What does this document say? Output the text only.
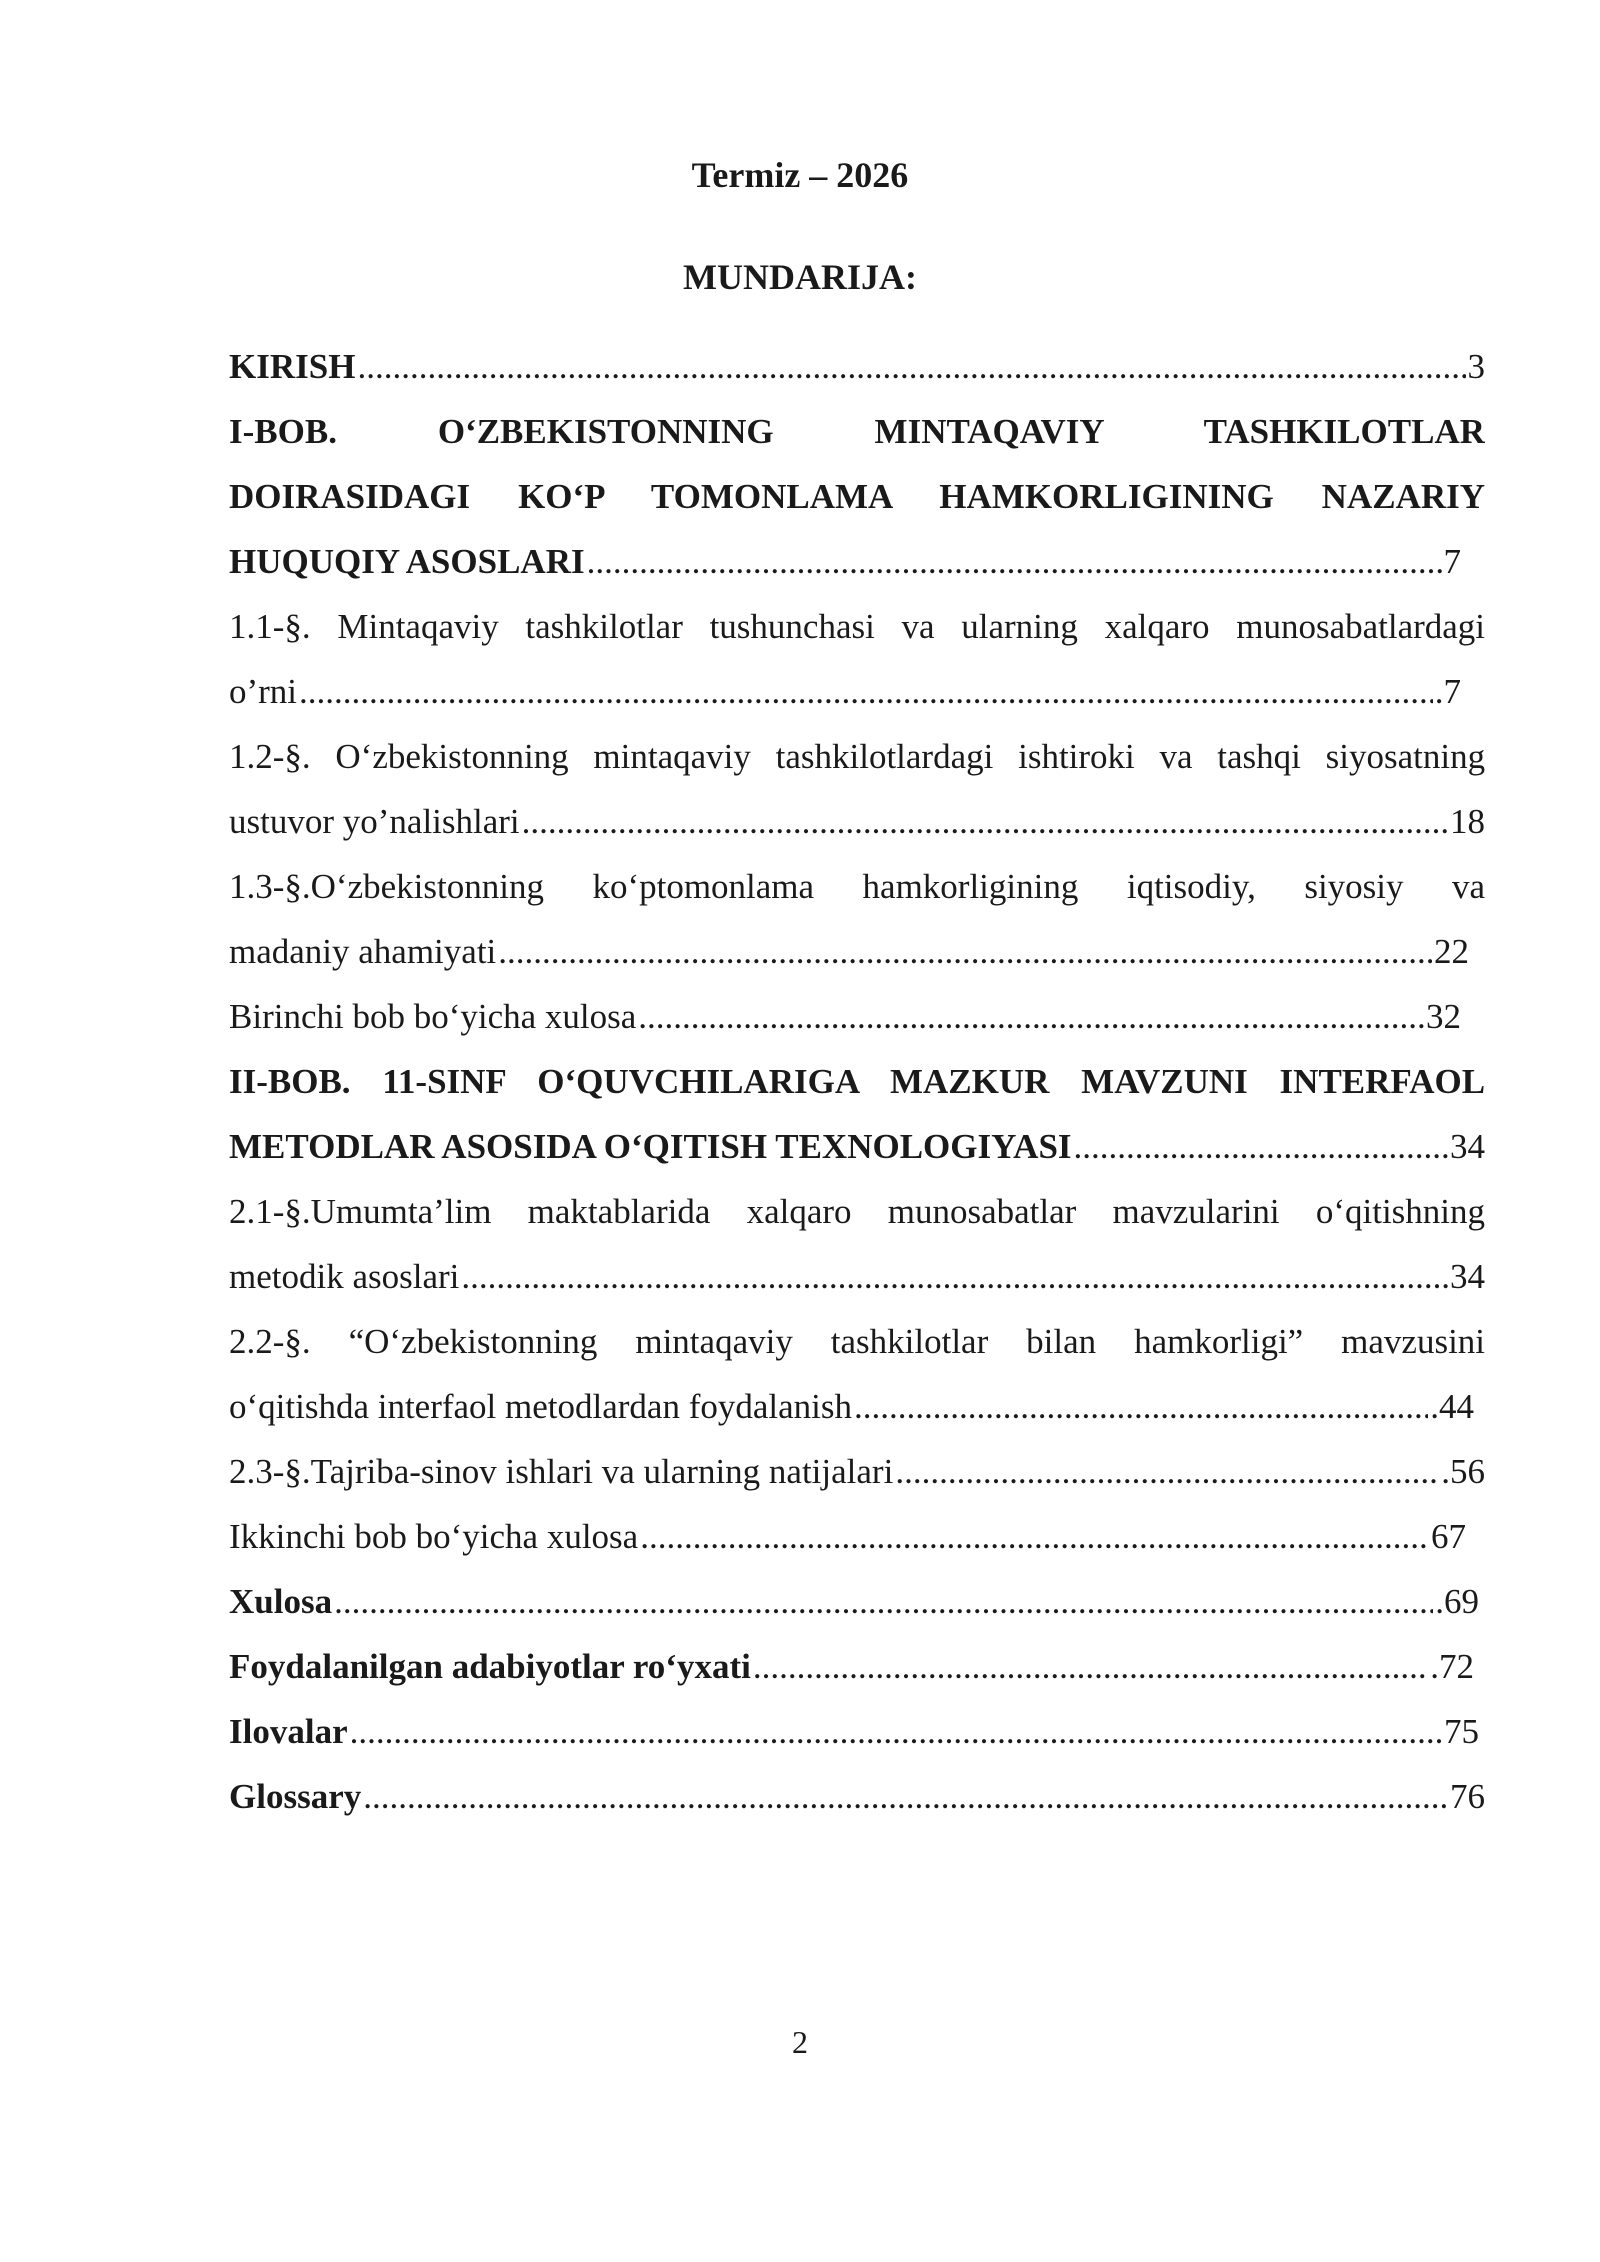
Termiz – 2026
MUNDARIJA:
KIRISH .....	3
I-BOB.	O‘ZBEKISTONNING	MINTAQAVIY	TASHKILOTLAR
DOIRASIDAGI KO‘P TOMONLAMA HAMKORLIGINING NAZARIY
HUQUQIY ASOSLARI .....	7
1.1-§. Mintaqaviy tashkilotlar tushunchasi va ularning xalqaro munosabatlardagi
o’rni .....	.7
1.2-§. O‘zbekistonning mintaqaviy tashkilotlardagi ishtiroki va tashqi siyosatning
ustuvor yo’nalishlari .....	18
1.3-§.O‘zbekistonning ko‘ptomonlama hamkorligining iqtisodiy, siyosiy va
madaniy ahamiyati .....	22
Birinchi bob bo‘yicha xulosa .....	32
II-BOB. 11-SINF O‘QUVCHILARIGA MAZKUR MAVZUNI INTERFAOL
METODLAR ASOSIDA O‘QITISH TEXNOLOGIYASI .....	34
2.1-§.Umumta’lim maktablarida xalqaro munosabatlar mavzularini o‘qitishning
metodik asoslari .....	.34
2.2-§. “O‘zbekistonning mintaqaviy tashkilotlar bilan hamkorligi” mavzusini
o‘qitishda interfaol metodlardan foydalanish .....	.44
2.3-§.Tajriba-sinov ishlari va ularning natijalari .....	.56
Ikkinchi bob bo‘yicha xulosa .....	67
Xulosa .....	.69
Foydalanilgan adabiyotlar ro‘yxati .....	.72
Ilovalar .....	75
Glossary .....	76
2
